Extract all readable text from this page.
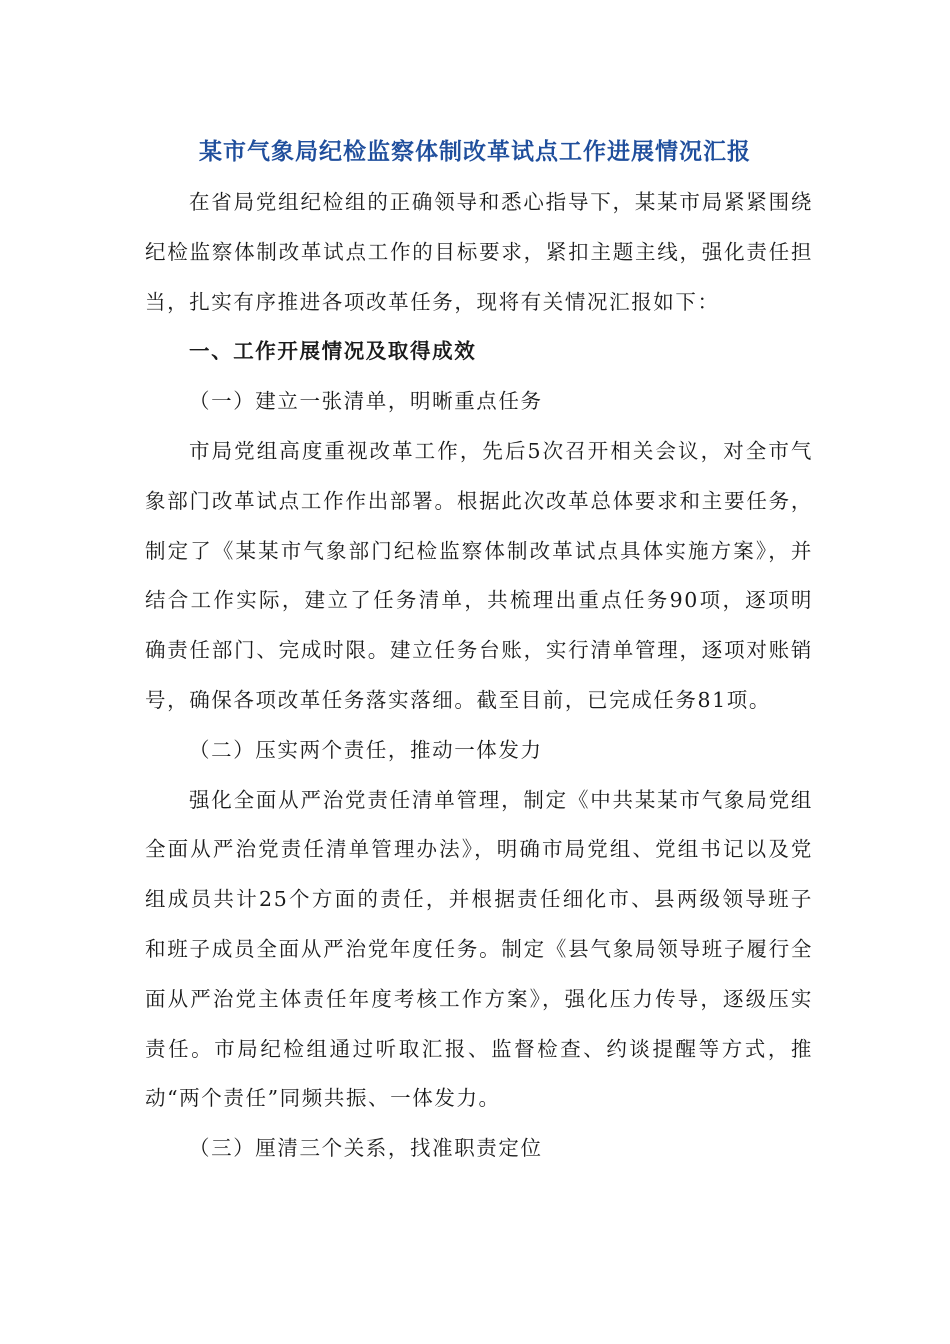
某市气象局纪检监察体制改革试点工作进展情况汇报

在省局党组纪检组的正确领导和悉心指导下，某某市局紧紧围绕纪检监察体制改革试点工作的目标要求，紧扣主题主线，强化责任担当，扎实有序推进各项改革任务，现将有关情况汇报如下：

一、工作开展情况及取得成效

（一）建立一张清单，明晰重点任务

市局党组高度重视改革工作，先后5次召开相关会议，对全市气象部门改革试点工作作出部署。根据此次改革总体要求和主要任务，制定了《某某市气象部门纪检监察体制改革试点具体实施方案》，并结合工作实际，建立了任务清单，共梳理出重点任务90项，逐项明确责任部门、完成时限。建立任务台账，实行清单管理，逐项对账销号，确保各项改革任务落实落细。截至目前，已完成任务81项。

（二）压实两个责任，推动一体发力

强化全面从严治党责任清单管理，制定《中共某某市气象局党组全面从严治党责任清单管理办法》，明确市局党组、党组书记以及党组成员共计25个方面的责任，并根据责任细化市、县两级领导班子和班子成员全面从严治党年度任务。制定《县气象局领导班子履行全面从严治党主体责任年度考核工作方案》，强化压力传导，逐级压实责任。市局纪检组通过听取汇报、监督检查、约谈提醒等方式，推动“两个责任”同频共振、一体发力。

（三）厘清三个关系，找准职责定位
